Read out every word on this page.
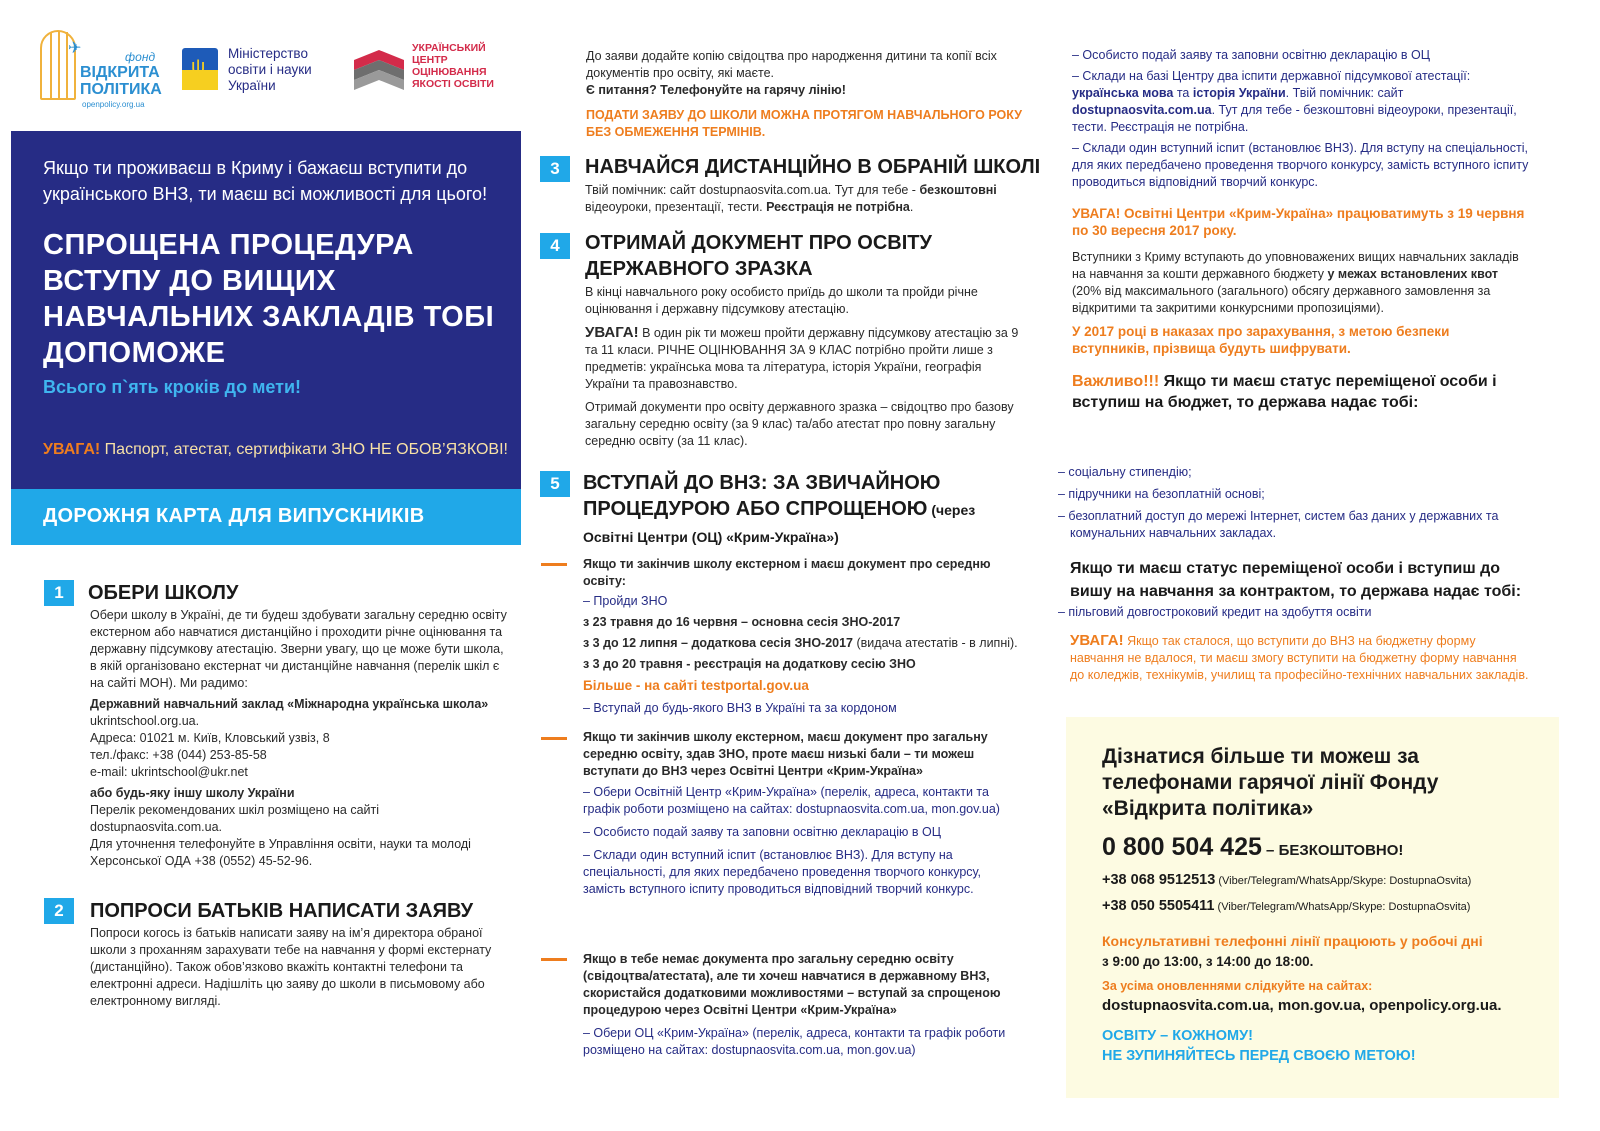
✈	фонд
ВІДКРИТА
ПОЛІТИКА
openpolicy.org.ua
ψ
Міністерство
освіти і науки
України
УКРАЇНСЬКИЙ
ЦЕНТР
ОЦІНЮВАННЯ
ЯКОСТІ ОСВІТИ

Якщо ти проживаєш в Криму і бажаєш вступити до українського ВНЗ, ти маєш всі можливості для цього!

СПРОЩЕНА ПРОЦЕДУРА ВСТУПУ ДО ВИЩИХ НАВЧАЛЬНИХ ЗАКЛАДІВ ТОБІ ДОПОМОЖЕ

Всього п`ять кроків до мети!

УВАГА! Паспорт, атестат, сертифікати ЗНО НЕ ОБОВ’ЯЗКОВІ!

ДОРОЖНЯ КАРТА ДЛЯ ВИПУСКНИКІВ
1	ОБЕРИ ШКОЛУ

Обери школу в Україні, де ти будеш здобувати загальну середню освіту екстерном або навчатися дистанційно і проходити річне оцінювання та державну підсумкову атестацію. Зверни увагу, що це може бути школа, в якій організовано екстернат чи дистанційне навчання (перелік шкіл є на сайті МОН). Ми радимо:

Державний навчальний заклад «Міжнародна українська школа»

ukrintschool.org.ua.

Адреса: 01021 м. Київ, Кловський узвіз, 8

тел./факс: +38 (044) 253-85-58

e-mail: ukrintschool@ukr.net

або будь-яку іншу школу України

Перелік рекомендованих шкіл розміщено на сайті

dostupnaosvita.com.ua.

Для уточнення телефонуйте в Управління освіти, науки та молоді Херсонської ОДА +38 (0552) 45-52-96.

2	ПОПРОСИ БАТЬКІВ НАПИСАТИ ЗАЯВУ
Попроси когось із батьків написати заяву на ім’я директора обраної школи з проханням зарахувати тебе на навчання у формі екстернату (дистанційно). Також обов’язково вкажіть контактні телефони та електронні адреси. Надішліть цю заяву до школи в письмовому або електронному вигляді.

До заяви додайте копію свідоцтва про народження дитини та копії всіх документів про освіту, які маєте.

Є питання? Телефонуйте на гарячу лінію!

ПОДАТИ ЗАЯВУ ДО ШКОЛИ МОЖНА ПРОТЯГОМ НАВЧАЛЬНОГО РОКУ БЕЗ ОБМЕЖЕННЯ ТЕРМІНІВ.

3	НАВЧАЙСЯ ДИСТАНЦІЙНО В ОБРАНІЙ ШКОЛІ
Твій помічник: сайт dostupnaosvita.com.ua. Тут для тебе - безкоштовні відеоуроки, презентації, тести. Реєстрація не потрібна.
4	ОТРИМАЙ ДОКУМЕНТ ПРО ОСВІТУ ДЕРЖАВНОГО ЗРАЗКА

В кінці навчального року особисто приїдь до школи та пройди річне оцінювання і державну підсумкову атестацію.

УВАГА! В один рік ти можеш пройти державну підсумкову атестацію за 9 та 11 класи. РІЧНЕ ОЦІНЮВАННЯ ЗА 9 КЛАС потрібно пройти лише з предметів: українська мова та література, історія України, географія України та правознавство.

Отримай документи про освіту державного зразка – свідоцтво про базову загальну середню освіту (за 9 клас) та/або атестат про повну загальну середню освіту (за 11 клас).

5	ВСТУПАЙ ДО ВНЗ: ЗА ЗВИЧАЙНОЮ ПРОЦЕДУРОЮ АБО СПРОЩЕНОЮ (через Освітні Центри (ОЦ) «Крим-Україна»)

Якщо ти закінчив школу екстерном і маєш документ про середню освіту:

– Пройди ЗНО

з 23 травня до 16 червня – основна сесія ЗНО-2017

з 3 до 12 липня – додаткова сесія ЗНО-2017 (видача атестатів - в липні).

з 3 до 20 травня - реєстрація на додаткову сесію ЗНО

Більше - на сайті testportal.gov.ua

– Вступай до будь-якого ВНЗ в Україні та за кордоном

Якщо ти закінчив школу екстерном, маєш документ про загальну середню освіту, здав ЗНО, проте маєш низькі бали – ти можеш вступати до ВНЗ через Освітні Центри «Крим-Україна»

– Обери Освітній Центр «Крим-Україна» (перелік, адреса, контакти та графік роботи розміщено на сайтах: dostupnaosvita.com.ua, mon.gov.ua)

– Особисто подай заяву та заповни освітню декларацію в ОЦ

– Склади один вступний іспит (встановлює ВНЗ). Для вступу на спеціальності, для яких передбачено проведення творчого конкурсу, замість вступного іспиту проводиться відповідний творчий конкурс.

Якщо в тебе немає документа про загальну середню освіту (свідоцтва/атестата), але ти хочеш навчатися в державному ВНЗ, скористайся додатковими можливостями – вступай за спрощеною процедурою через Освітні Центри «Крим-Україна»

– Обери ОЦ «Крим-Україна» (перелік, адреса, контакти та графік роботи розміщено на сайтах: dostupnaosvita.com.ua, mon.gov.ua)

– Особисто подай заяву та заповни освітню декларацію в ОЦ

– Склади на базі Центру два іспити державної підсумкової атестації: українська мова та історія України. Твій помічник: сайт dostupnaosvita.com.ua. Тут для тебе - безкоштовні відеоуроки, презентації, тести. Реєстрація не потрібна.

– Склади один вступний іспит (встановлює ВНЗ). Для вступу на спеціальності, для яких передбачено проведення творчого конкурсу, замість вступного іспиту проводиться відповідний творчий конкурс.

УВАГА! Освітні Центри «Крим-Україна» працюватимуть з 19 червня по 30 вересня 2017 року.

Вступники з Криму вступають до уповноважених вищих навчальних закладів на навчання за кошти державного бюджету у межах встановлених квот (20% від максимального (загального) обсягу державного замовлення за відкритими та закритими конкурсними пропозиціями).

У 2017 році в наказах про зарахування, з метою безпеки вступників, прізвища будуть шифрувати.

Важливо!!! Якщо ти маєш статус переміщеної особи і вступиш на бюджет, то держава надає тобі:

– соціальну стипендію;

– підручники на безоплатній основі;

– безоплатний доступ до мережі Інтернет, систем баз даних у державних та комунальних навчальних закладах.

Якщо ти маєш статус переміщеної особи і вступиш до вишу на навчання за контрактом, то держава надає тобі:
– пільговий довгостроковий кредит на здобуття освіти
УВАГА! Якщо так сталося, що вступити до ВНЗ на бюджетну форму навчання не вдалося, ти маєш змогу вступити на бюджетну форму навчання до коледжів, технікумів, училищ та професійно-технічних навчальних закладів.

Дізнатися більше ти можеш за телефонами гарячої лінії Фонду «Відкрита політика»

0 800 504 425 – БЕЗКОШТОВНО!

+38 068 9512513 (Viber/Telegram/WhatsApp/Skype: DostupnaOsvita)

+38 050 5505411 (Viber/Telegram/WhatsApp/Skype: DostupnaOsvita)

Консультативні телефонні лінії працюють у робочі дні

з 9:00 до 13:00, з 14:00 до 18:00.

За усіма оновленнями слідкуйте на сайтах:

dostupnaosvita.com.ua, mon.gov.ua, openpolicy.org.ua.

ОСВІТУ – КОЖНОМУ!

НЕ ЗУПИНЯЙТЕСЬ ПЕРЕД СВОЄЮ МЕТОЮ!
